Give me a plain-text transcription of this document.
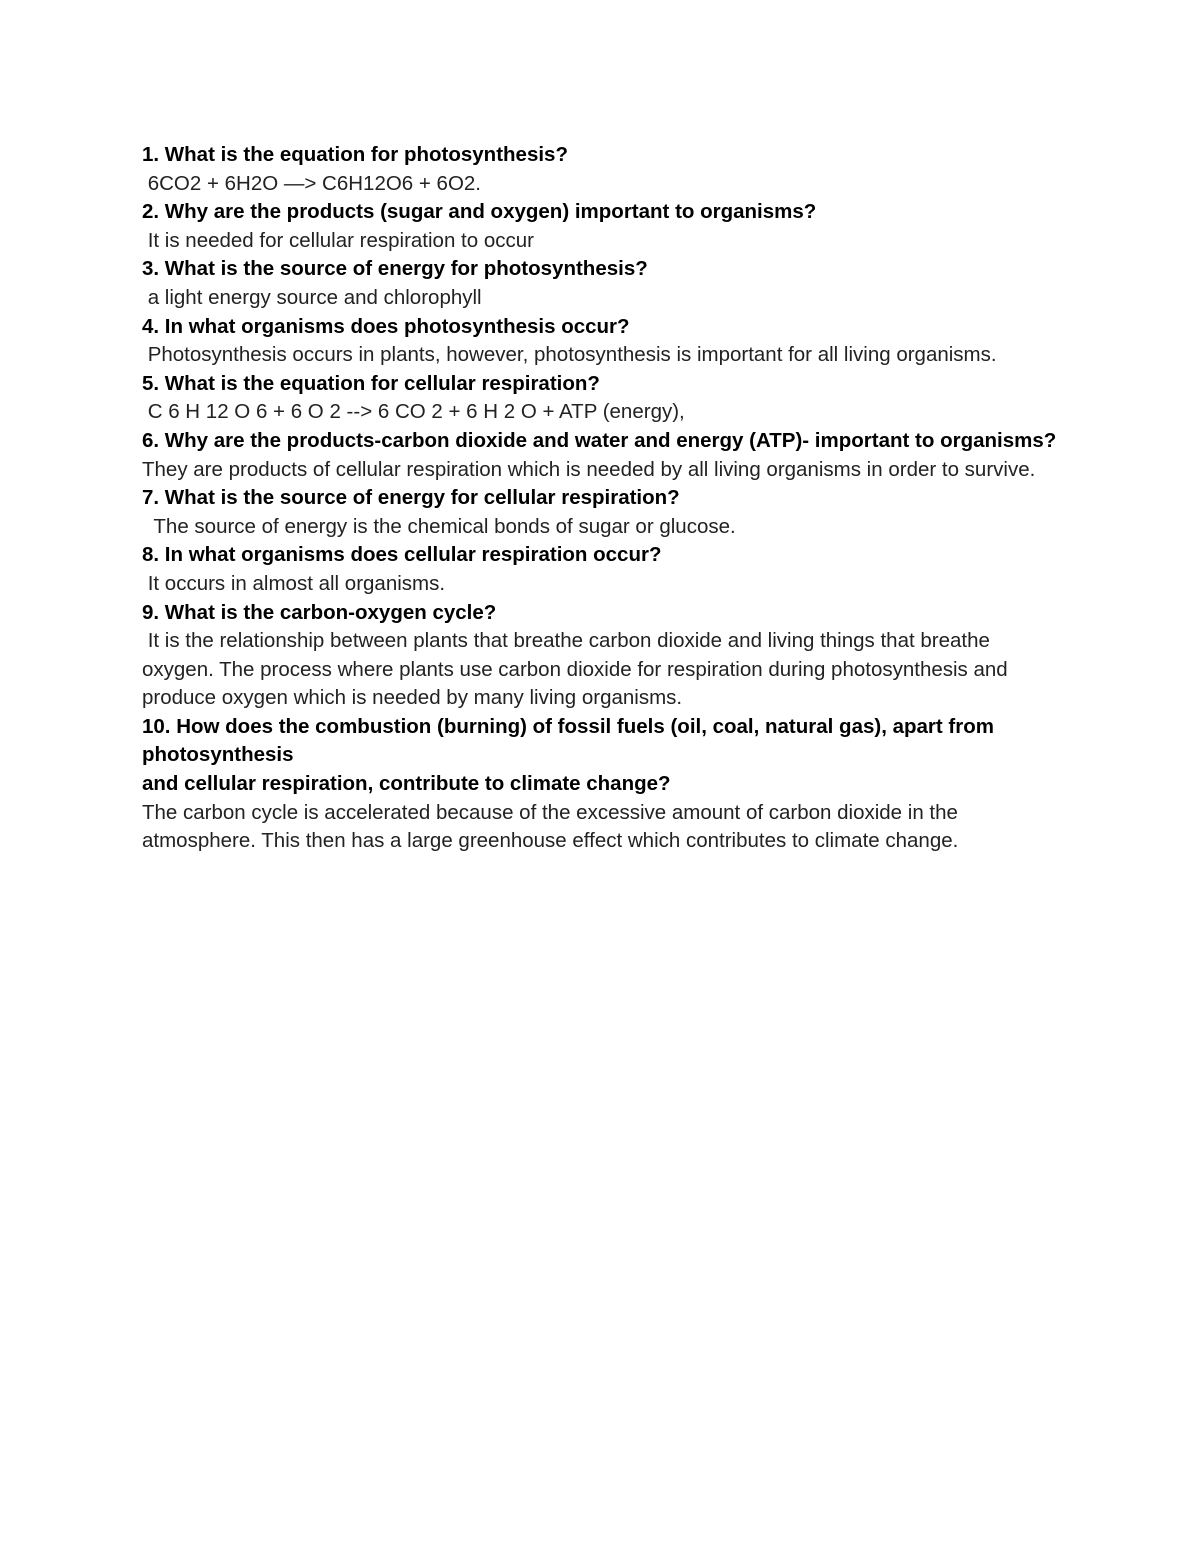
1. What is the equation for photosynthesis?
6CO2 + 6H2O —> C6H12O6 + 6O2.
2. Why are the products (sugar and oxygen) important to organisms?
It is needed for cellular respiration to occur
3. What is the source of energy for photosynthesis?
a light energy source and chlorophyll
4. In what organisms does photosynthesis occur?
Photosynthesis occurs in plants, however, photosynthesis is important for all living organisms.
5. What is the equation for cellular respiration?
C 6 H 12 O 6 + 6 O 2 --> 6 CO 2 + 6 H 2 O + ATP (energy),
6. Why are the products-carbon dioxide and water and energy (ATP)- important to organisms?
They are products of cellular respiration which is needed by all living organisms in order to survive.
7. What is the source of energy for cellular respiration?
The source of energy is the chemical bonds of sugar or glucose.
8. In what organisms does cellular respiration occur?
It occurs in almost all organisms.
9. What is the carbon-oxygen cycle?
It is the relationship between plants that breathe carbon dioxide and living things that breathe oxygen. The process where plants use carbon dioxide for respiration during photosynthesis and produce oxygen which is needed by many living organisms.
10. How does the combustion (burning) of fossil fuels (oil, coal, natural gas), apart from photosynthesis
and cellular respiration, contribute to climate change?
The carbon cycle is accelerated because of the excessive amount of carbon dioxide in the atmosphere. This then has a large greenhouse effect which contributes to climate change.
